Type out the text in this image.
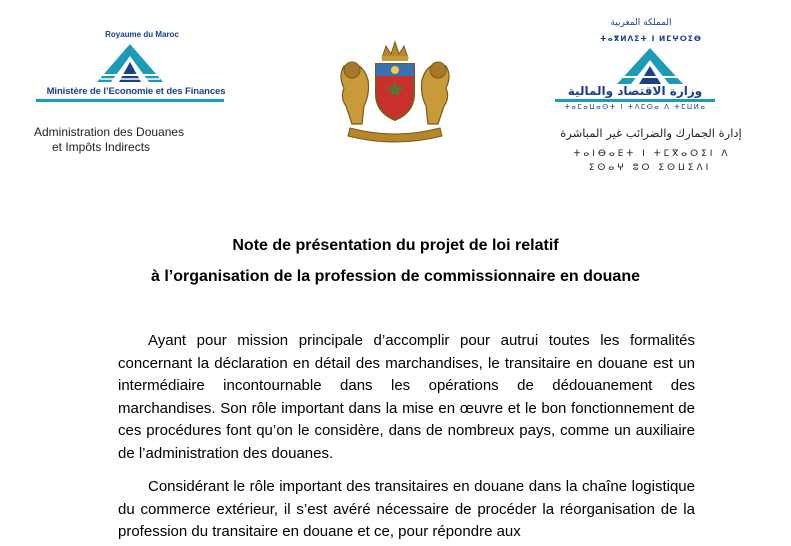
Royaume du Maroc
Ministère de l’Economie et des Finances
Administration des Douanes
et Impôts Indirects
المملكة المغربية
ⵜⴰⴳⵍⴷⵉⵜ ⵏ ⵍⵎⵖⵔⵉⴱ
وزارة الاقتصاد والمالية
ⵜⴰⵎⴰⵡⴰⵙⵜ ⵏ ⵜⴷⵎⵙⴰ ⴷ ⵜⵎⵡⵍⴰ
إدارة الجمارك والضرائب غير المباشرة
ⵜⴰⵏⴱⴰⴹⵜ ⵏ ⵜⵎⴳⴰⵔⵉⵏ ⴷ
ⵉⵙⴰⵖ ⵓⵔ ⵉⵙⵡⵉⴷⵏ
Note de présentation du projet de loi relatif
à l’organisation de la profession de commissionnaire en douane
Ayant pour mission principale d’accomplir pour autrui toutes les formalités concernant la déclaration en détail des marchandises, le transitaire en douane est un intermédiaire incontournable dans les opérations de dédouanement des marchandises. Son rôle important dans la mise en œuvre et le bon fonctionnement de ces procédures font qu’on le considère, dans de nombreux pays, comme un auxiliaire de l’administration des douanes.
Considérant le rôle important des transitaires en douane dans la chaîne logistique du commerce extérieur, il s’est avéré nécessaire de procéder la réorganisation de la profession du transitaire en douane et ce, pour répondre aux
